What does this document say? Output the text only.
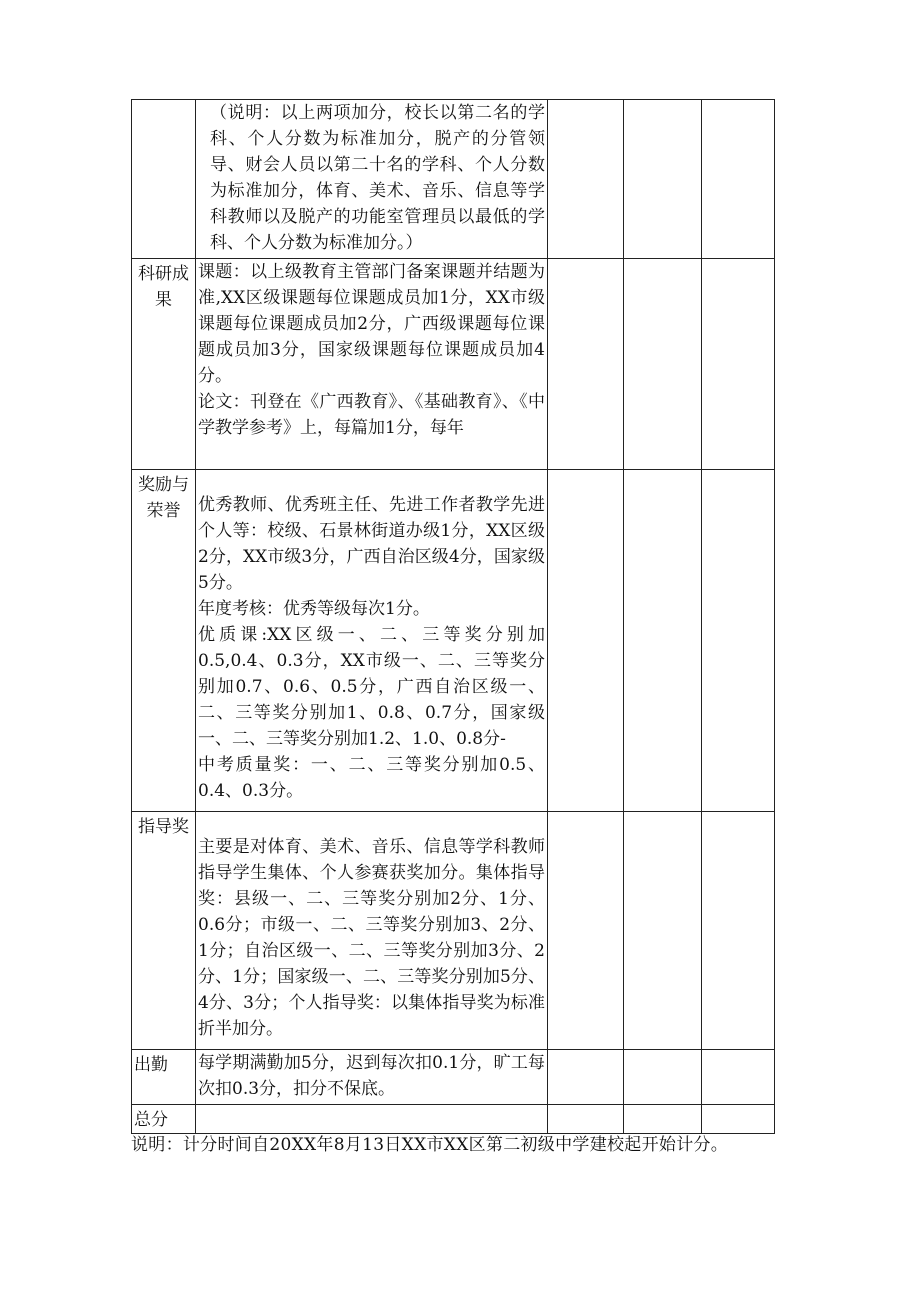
	（说明：以上两项加分，校长以第二名的学科、个人分数为标准加分，脱产的分管领导、财会人员以第二十名的学科、个人分数为标准加分，体育、美术、音乐、信息等学科教师以及脱产的功能室管理员以最低的学科、个人分数为标准加分。）			

科研成果	课题：以上级教育主管部门备案课题并结题为准,XX区级课题每位课题成员加1分，XX市级课题每位课题成员加2分，广西级课题每位课题成员加3分，国家级课题每位课题成员加4分。
论文：刊登在《广西教育》、《基础教育》、《中学教学参考》上，每篇加1分，每年			

奖励与荣誉	优秀教师、优秀班主任、先进工作者教学先进个人等：校级、石景林街道办级1分，XX区级2分，XX市级3分，广西自治区级4分，国家级5分。
年度考核：优秀等级每次1分。
优质课:XX区级一、二、三等奖分别加0.5,0.4、0.3分，XX市级一、二、三等奖分别加0.7、0.6、0.5分，广西自治区级一、二、三等奖分别加1、0.8、0.7分，国家级一、二、三等奖分别加1.2、1.0、0.8分-
中考质量奖：一、二、三等奖分别加0.5、0.4、0.3分。			

指导奖	主要是对体育、美术、音乐、信息等学科教师指导学生集体、个人参赛获奖加分。集体指导奖：县级一、二、三等奖分别加2分、1分、0.6分；市级一、二、三等奖分别加3、2分、1分；自治区级一、二、三等奖分别加3分、2分、1分；国家级一、二、三等奖分别加5分、4分、3分；个人指导奖：以集体指导奖为标准折半加分。			

出勤	每学期满勤加5分，迟到每次扣0.1分，旷工每次扣0.3分，扣分不保底。			

总分				
说明：计分时间自20XX年8月13日XX市XX区第二初级中学建校起开始计分。
